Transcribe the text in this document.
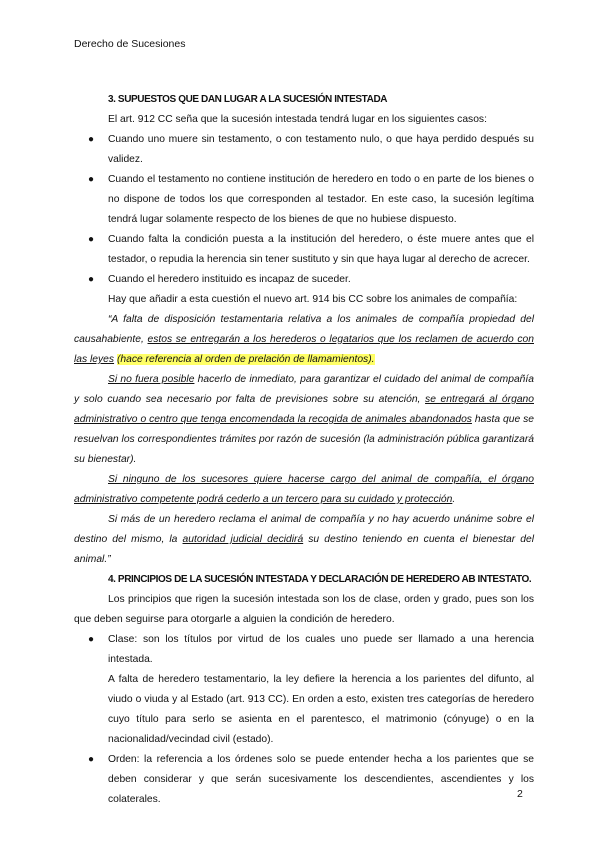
Derecho de Sucesiones
3. SUPUESTOS QUE DAN LUGAR A LA SUCESIÓN INTESTADA
El art. 912 CC seña que la sucesión intestada tendrá lugar en los siguientes casos:
● Cuando uno muere sin testamento, o con testamento nulo, o que haya perdido después su validez.
● Cuando el testamento no contiene institución de heredero en todo o en parte de los bienes o no dispone de todos los que corresponden al testador. En este caso, la sucesión legítima tendrá lugar solamente respecto de los bienes de que no hubiese dispuesto.
● Cuando falta la condición puesta a la institución del heredero, o éste muere antes que el testador, o repudia la herencia sin tener sustituto y sin que haya lugar al derecho de acrecer.
● Cuando el heredero instituido es incapaz de suceder.
Hay que añadir a esta cuestión el nuevo art. 914 bis CC sobre los animales de compañía:
“A falta de disposición testamentaria relativa a los animales de compañía propiedad del causahabiente, estos se entregarán a los herederos o legatarios que los reclamen de acuerdo con las leyes (hace referencia al orden de prelación de llamamientos).
Si no fuera posible hacerlo de inmediato, para garantizar el cuidado del animal de compañía y solo cuando sea necesario por falta de previsiones sobre su atención, se entregará al órgano administrativo o centro que tenga encomendada la recogida de animales abandonados hasta que se resuelvan los correspondientes trámites por razón de sucesión (la administración pública garantizará su bienestar).
Si ninguno de los sucesores quiere hacerse cargo del animal de compañía, el órgano administrativo competente podrá cederlo a un tercero para su cuidado y protección.
Si más de un heredero reclama el animal de compañía y no hay acuerdo unánime sobre el destino del mismo, la autoridad judicial decidirá su destino teniendo en cuenta el bienestar del animal.”
4. PRINCIPIOS DE LA SUCESIÓN INTESTADA Y DECLARACIÓN DE HEREDERO AB INTESTATO.
Los principios que rigen la sucesión intestada son los de clase, orden y grado, pues son los que deben seguirse para otorgarle a alguien la condición de heredero.
● Clase: son los títulos por virtud de los cuales uno puede ser llamado a una herencia intestada.
A falta de heredero testamentario, la ley defiere la herencia a los parientes del difunto, al viudo o viuda y al Estado (art. 913 CC). En orden a esto, existen tres categorías de heredero cuyo título para serlo se asienta en el parentesco, el matrimonio (cónyuge) o en la nacionalidad/vecindad civil (estado).
● Orden: la referencia a los órdenes solo se puede entender hecha a los parientes que se deben considerar y que serán sucesivamente los descendientes, ascendientes y los colaterales.	2
